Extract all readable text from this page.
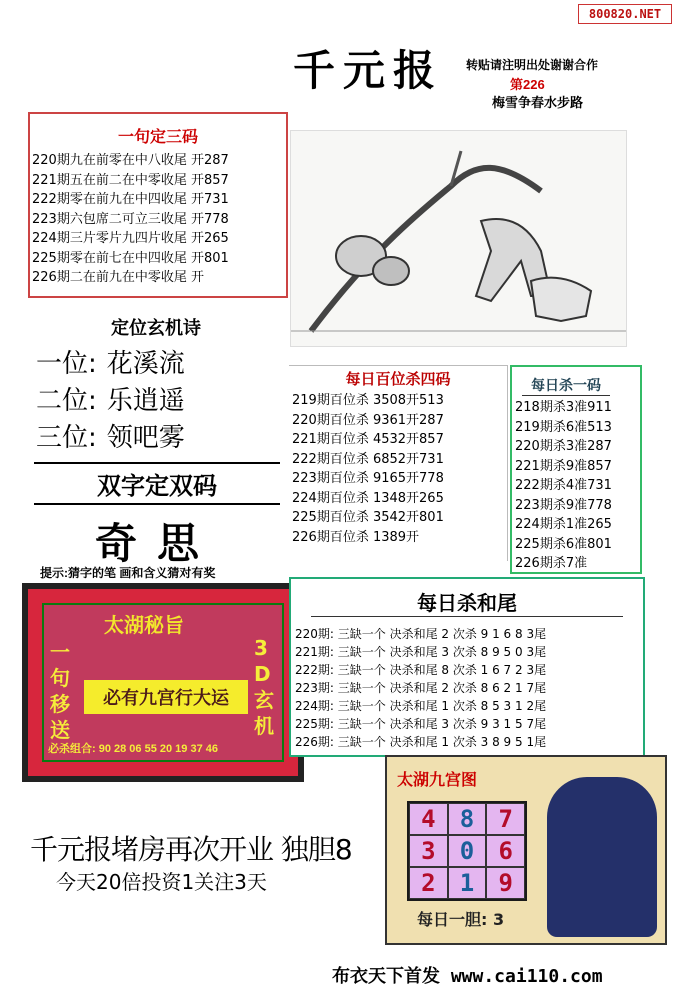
800820.NET
千元报 转贴请注明出处谢谢合作
第226
梅雪争春水步路
一句定三码
220期九在前零在中八收尾 开287
221期五在前二在中零收尾 开857
222期零在前九在中四收尾 开731
223期六包席二可立三收尾 开778
224期三片零片九四片收尾 开265
225期零在前七在中四收尾 开801
226期二在前九在中零收尾 开
定位玄机诗
一位: 花溪流
二位: 乐逍遥
三位: 领吧雾
双字定双码
奇思
提示:猜字的笔 画和含义猜对有奖
每日百位杀四码
219期百位杀 3508开513
220期百位杀 9361开287
221期百位杀 4532开857
222期百位杀 6852开731
223期百位杀 9165开778
224期百位杀 1348开265
225期百位杀 3542开801
226期百位杀 1389开
每日杀一码
218期杀3准911
219期杀6准513
220期杀3准287
221期杀9准857
222期杀4准731
223期杀9准778
224期杀1准265
225期杀6准801
226期杀7准
太湖秘旨
一句移送
3D玄机
必有九宫行大运
必杀组合: 90 28 06 55 20 19 37 46
每日杀和尾
220期: 三缺一个 决杀和尾 2 次杀 9 1 6 8 3尾
221期: 三缺一个 决杀和尾 3 次杀 8 9 5 0 3尾
222期: 三缺一个 决杀和尾 8 次杀 1 6 7 2 3尾
223期: 三缺一个 决杀和尾 2 次杀 8 6 2 1 7尾
224期: 三缺一个 决杀和尾 1 次杀 8 5 3 1 2尾
225期: 三缺一个 决杀和尾 3 次杀 9 3 1 5 7尾
226期: 三缺一个 决杀和尾 1 次杀 3 8 9 5 1尾
千元报堵房再次开业 独胆8
今天20倍投资1关注3天
太湖九宫图
4	8	7
3	0	6
2	1	9
每日一胆: 3
布衣天下首发 www.cai110.com
